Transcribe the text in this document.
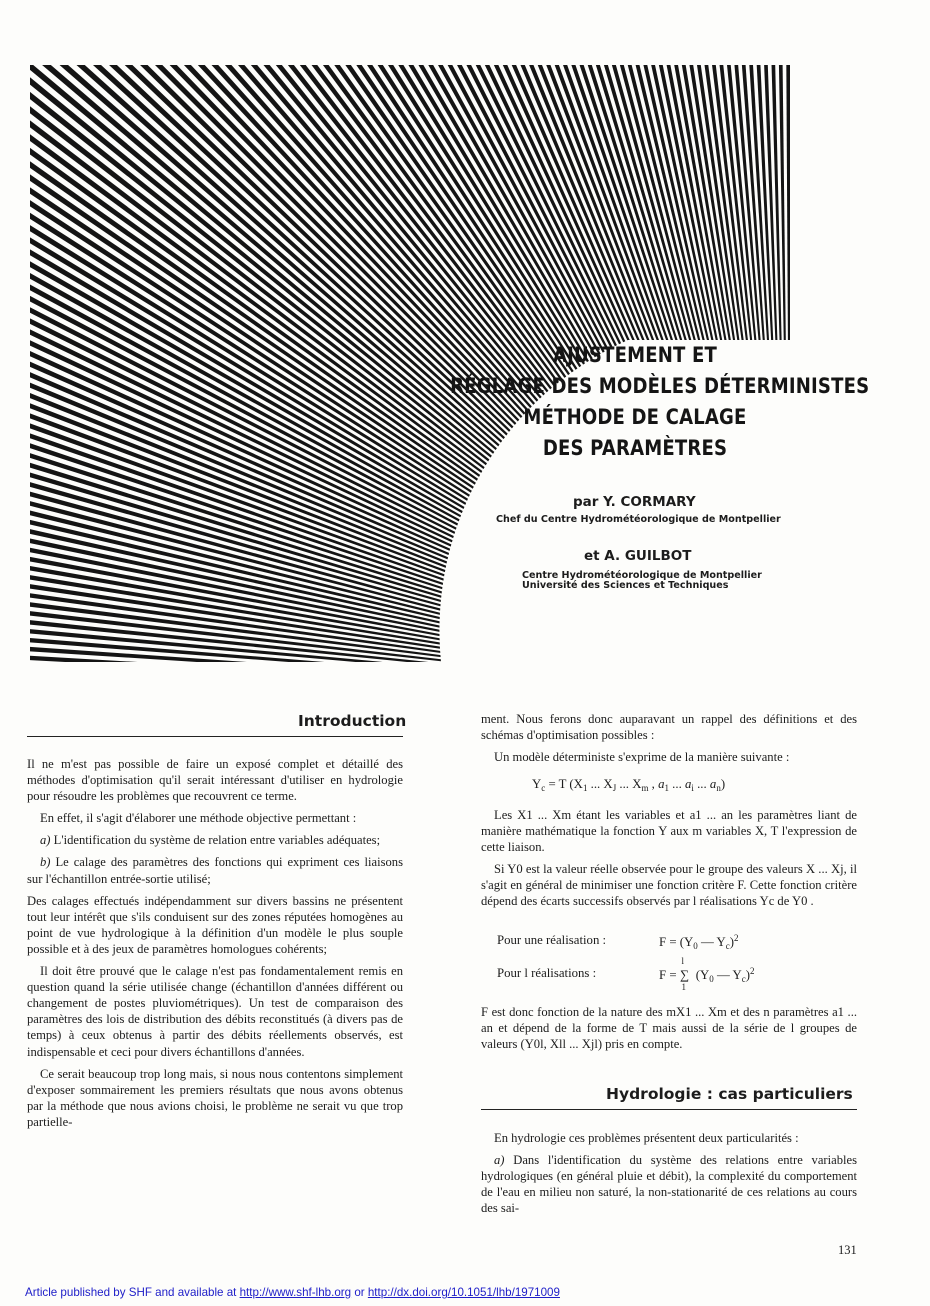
AJUSTEMENT ET
RÉGLAGE DES MODÈLES DÉTERMINISTES
MÉTHODE DE CALAGE
DES PARAMÈTRES
par Y. CORMARY
Chef du Centre Hydrométéorologique de Montpellier
et A. GUILBOT
Centre Hydrométéorologique de Montpellier
Université des Sciences et Techniques
Introduction

Il ne m'est pas possible de faire un exposé complet et détaillé des méthodes d'optimisation qu'il serait intéressant d'utiliser en hydrologie pour résoudre les problèmes que recouvrent ce terme.

En effet, il s'agit d'élaborer une méthode objective permettant :

a) L'identification du système de relation entre variables adéquates;

b) Le calage des paramètres des fonctions qui expriment ces liaisons sur l'échantillon entrée-sortie utilisé;

Des calages effectués indépendamment sur divers bassins ne présentent tout leur intérêt que s'ils conduisent sur des zones réputées homogènes au point de vue hydrologique à la définition d'un modèle le plus souple possible et à des jeux de paramètres homologues cohérents;

Il doit être prouvé que le calage n'est pas fondamentalement remis en question quand la série utilisée change (échantillon d'années différent ou changement de postes pluviométriques). Un test de comparaison des paramètres des lois de distribution des débits reconstitués (à divers pas de temps) à ceux obtenus à partir des débits réellements observés, est indispensable et ceci pour divers échantillons d'années.

Ce serait beaucoup trop long mais, si nous nous contentons simplement d'exposer sommairement les premiers résultats que nous avons obtenus par la méthode que nous avions choisi, le problème ne serait vu que trop partielle-

ment. Nous ferons donc auparavant un rappel des définitions et des schémas d'optimisation possibles :

Un modèle déterministe s'exprime de la manière suivante :

$Y_c = T$ ($X_1$ ... $X_J$ ... $X_m$ , $a_1$ ... $a_i$ ... $a_n$)

Les X1 ... Xm étant les variables et a1 ... an les paramètres liant de manière mathématique la fonction Y aux m variables X, T l'expression de cette liaison.

Si Y0 est la valeur réelle observée pour le groupe des valeurs X ... Xj, il s'agit en général de minimiser une fonction critère F. Cette fonction critère dépend des écarts successifs observés par l réalisations Yc de Y0 .

Pour une réalisation :	$F = (Y_0$ — $Y_c)^2$
Pour l réalisations :	F =
l
∑
1
($Y_0$ — $Y_c)^2$

F est donc fonction de la nature des mX1 ... Xm et des n paramètres a1 ... an et dépend de la forme de T mais aussi de la série de l groupes de valeurs (Y0l, Xll ... Xjl) pris en compte.

Hydrologie : cas particuliers

En hydrologie ces problèmes présentent deux particularités :

a) Dans l'identification du système des relations entre variables hydrologiques (en général pluie et débit), la complexité du comportement de l'eau en milieu non saturé, la non-stationarité de ces relations au cours des sai-

131
Article published by SHF and available at http://www.shf-lhb.org or http://dx.doi.org/10.1051/lhb/1971009
